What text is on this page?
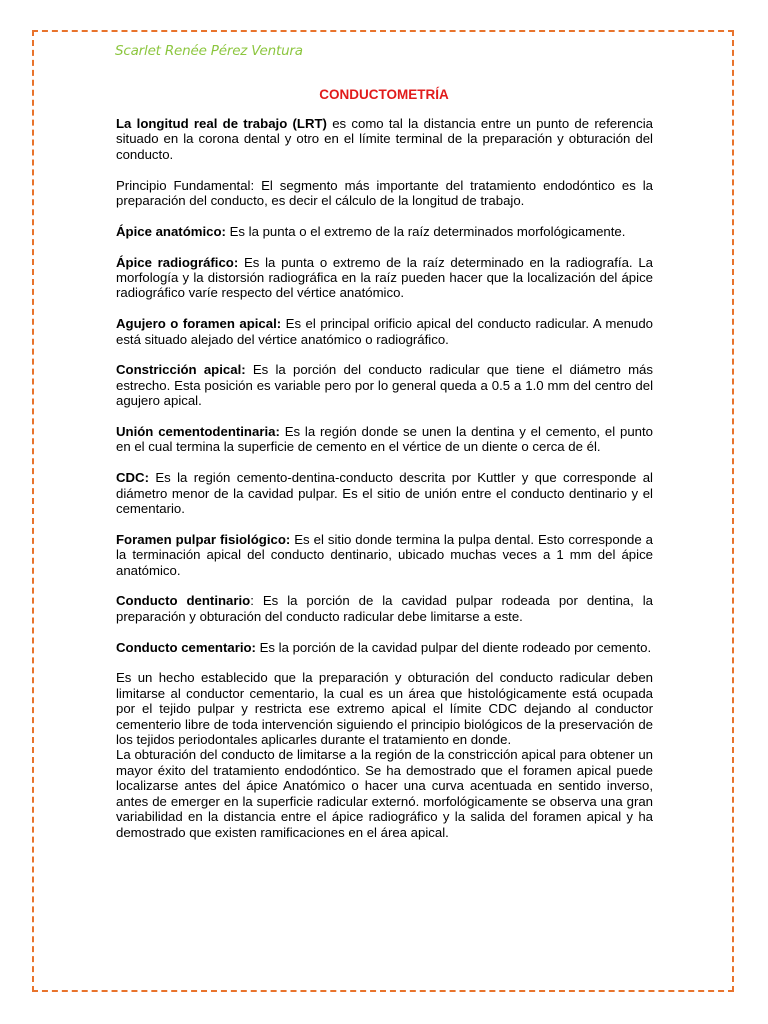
Scarlet Renée Pérez Ventura
CONDUCTOMETRÍA

La longitud real de trabajo (LRT) es como tal la distancia entre un punto de referencia situado en la corona dental y otro en el límite terminal de la preparación y obturación del conducto.

Principio Fundamental: El segmento más importante del tratamiento endodóntico es la preparación del conducto, es decir el cálculo de la longitud de trabajo.

Ápice anatómico: Es la punta o el extremo de la raíz determinados morfológicamente.

Ápice radiográfico: Es la punta o extremo de la raíz determinado en la radiografía. La morfología y la distorsión radiográfica en la raíz pueden hacer que la localización del ápice radiográfico varíe respecto del vértice anatómico.

Agujero o foramen apical: Es el principal orificio apical del conducto radicular. A menudo está situado alejado del vértice anatómico o radiográfico.

Constricción apical: Es la porción del conducto radicular que tiene el diámetro más estrecho. Esta posición es variable pero por lo general queda a 0.5 a 1.0 mm del centro del agujero apical.

Unión cementodentinaria: Es la región donde se unen la dentina y el cemento, el punto en el cual termina la superficie de cemento en el vértice de un diente o cerca de él.

CDC: Es la región cemento-dentina-conducto descrita por Kuttler y que corresponde al diámetro menor de la cavidad pulpar. Es el sitio de unión entre el conducto dentinario y el cementario.

Foramen pulpar fisiológico: Es el sitio donde termina la pulpa dental. Esto corresponde a la terminación apical del conducto dentinario, ubicado muchas veces a 1 mm del ápice anatómico.

Conducto dentinario: Es la porción de la cavidad pulpar rodeada por dentina, la preparación y obturación del conducto radicular debe limitarse a este.

Conducto cementario: Es la porción de la cavidad pulpar del diente rodeado por cemento.

Es un hecho establecido que la preparación y obturación del conducto radicular deben limitarse al conductor cementario, la cual es un área que histológicamente está ocupada por el tejido pulpar y restricta ese extremo apical el límite CDC dejando al conductor cementerio libre de toda intervención siguiendo el principio biológicos de la preservación de los tejidos periodontales aplicarles durante el tratamiento en donde.

La obturación del conducto de limitarse a la región de la constricción apical para obtener un mayor éxito del tratamiento endodóntico. Se ha demostrado que el foramen apical puede localizarse antes del ápice Anatómico o hacer una curva acentuada en sentido inverso, antes de emerger en la superficie radicular externó. morfológicamente se observa una gran variabilidad en la distancia entre el ápice radiográfico y la salida del foramen apical y ha demostrado que existen ramificaciones en el área apical.
